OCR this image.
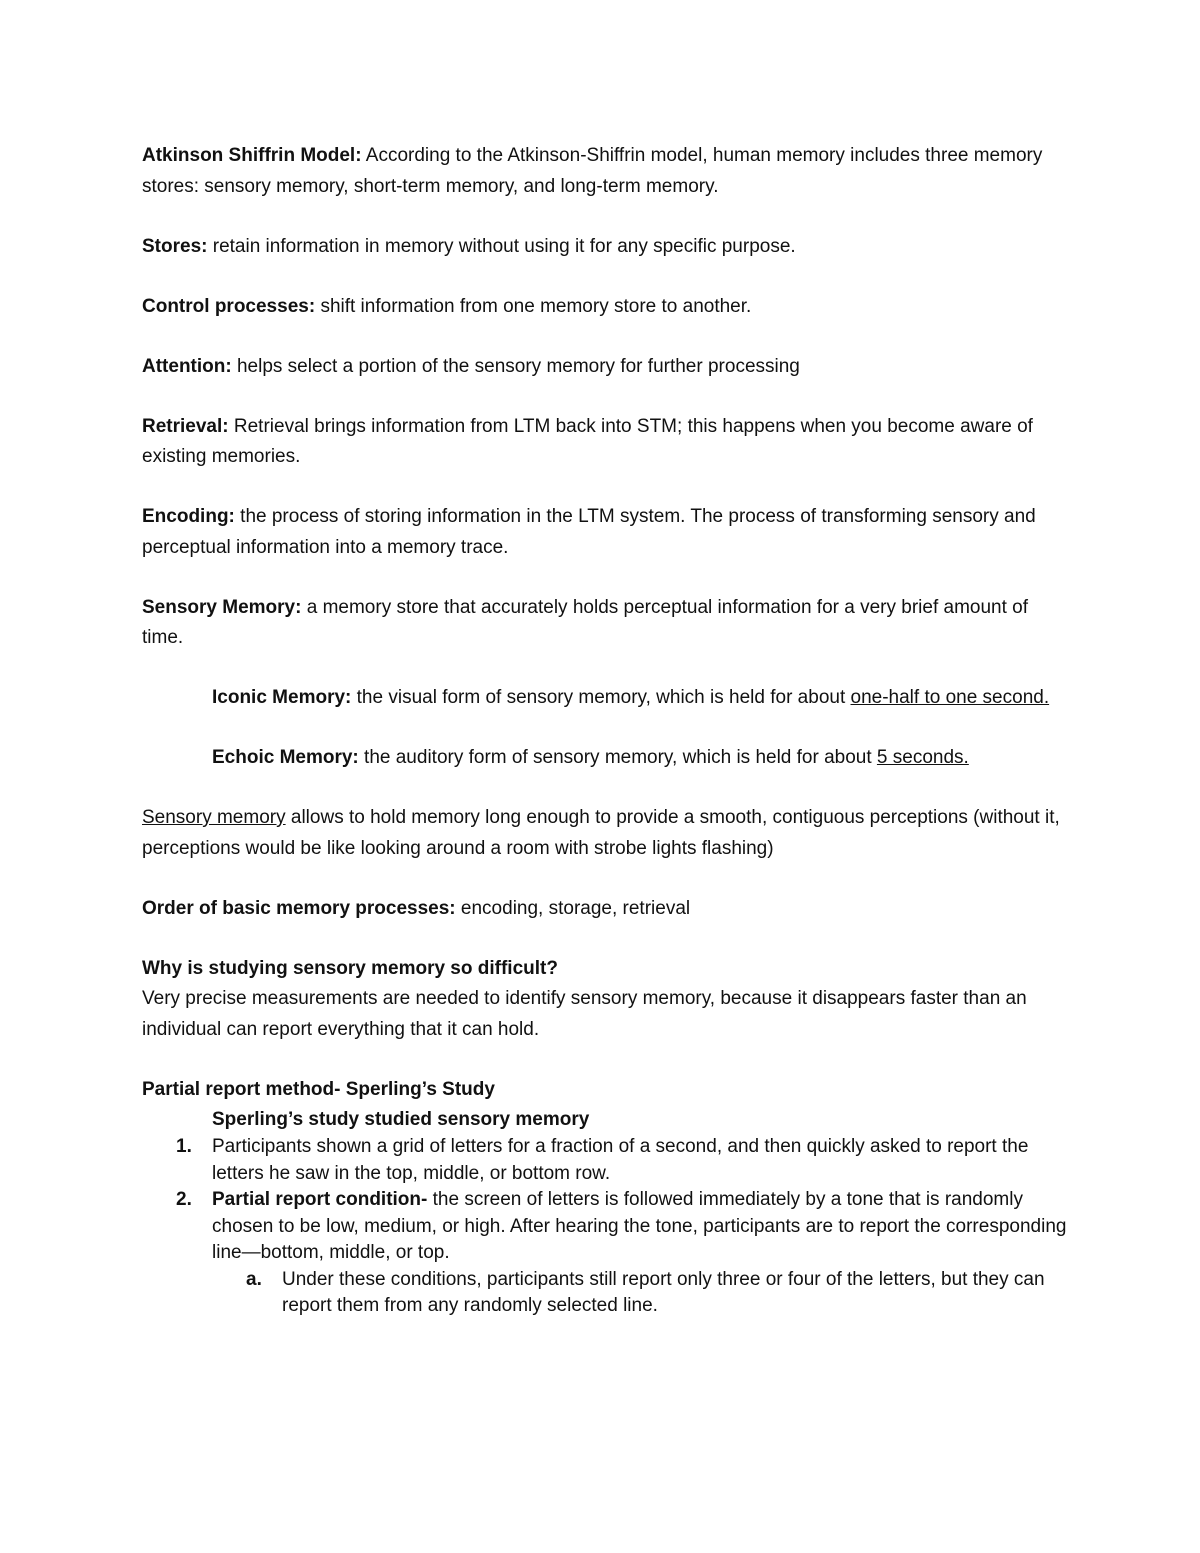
Atkinson Shiffrin Model: According to the Atkinson-Shiffrin model, human memory includes three memory stores: sensory memory, short-term memory, and long-term memory.

Stores: retain information in memory without using it for any specific purpose.

Control processes: shift information from one memory store to another.

Attention: helps select a portion of the sensory memory for further processing

Retrieval: Retrieval brings information from LTM back into STM; this happens when you become aware of existing memories.

Encoding: the process of storing information in the LTM system. The process of transforming sensory and perceptual information into a memory trace.

Sensory Memory: a memory store that accurately holds perceptual information for a very brief amount of time.

Iconic Memory: the visual form of sensory memory, which is held for about one-half to one second.

Echoic Memory: the auditory form of sensory memory, which is held for about 5 seconds.

Sensory memory allows to hold memory long enough to provide a smooth, contiguous perceptions (without it, perceptions would be like looking around a room with strobe lights flashing)

Order of basic memory processes: encoding, storage, retrieval

Why is studying sensory memory so difficult?

Very precise measurements are needed to identify sensory memory, because it disappears faster than an individual can report everything that it can hold.

Partial report method- Sperling’s Study

Sperling’s study studied sensory memory

1. Participants shown a grid of letters for a fraction of a second, and then quickly asked to report the letters he saw in the top, middle, or bottom row.
2. Partial report condition- the screen of letters is followed immediately by a tone that is randomly chosen to be low, medium, or high. After hearing the tone, participants are to report the corresponding line—bottom, middle, or top.
a. Under these conditions, participants still report only three or four of the letters, but they can report them from any randomly selected line.
